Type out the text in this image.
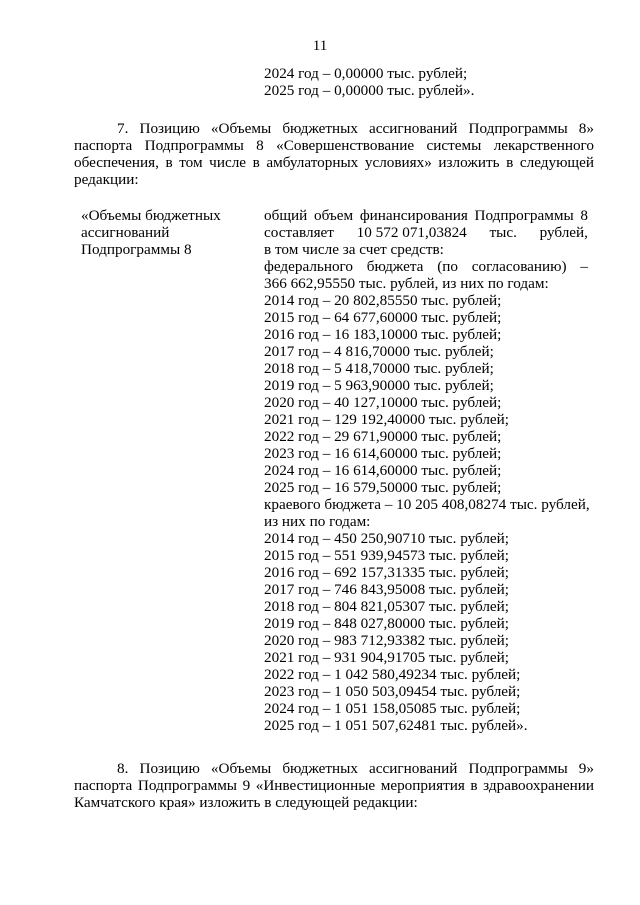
11
2024 год – 0,00000 тыс. рублей;
2025 год – 0,00000 тыс. рублей».
7. Позицию «Объемы бюджетных ассигнований Подпрограммы 8» паспорта Подпрограммы 8 «Совершенствование системы лекарственного обеспечения, в том числе в амбулаторных условиях» изложить в следующей редакции:
«Объемы бюджетных
ассигнований
Подпрограммы 8
общий объем финансирования Подпрограммы 8
составляет 10 572 071,03824 тыс. рублей,
в том числе за счет средств:
федерального бюджета (по согласованию) –
366 662,95550 тыс. рублей, из них по годам:
2014 год – 20 802,85550 тыс. рублей;
2015 год – 64 677,60000 тыс. рублей;
2016 год – 16 183,10000 тыс. рублей;
2017 год – 4 816,70000 тыс. рублей;
2018 год – 5 418,70000 тыс. рублей;
2019 год – 5 963,90000 тыс. рублей;
2020 год – 40 127,10000 тыс. рублей;
2021 год – 129 192,40000 тыс. рублей;
2022 год – 29 671,90000 тыс. рублей;
2023 год – 16 614,60000 тыс. рублей;
2024 год – 16 614,60000 тыс. рублей;
2025 год – 16 579,50000 тыс. рублей;
краевого бюджета – 10 205 408,08274 тыс. рублей,
из них по годам:
2014 год – 450 250,90710 тыс. рублей;
2015 год – 551 939,94573 тыс. рублей;
2016 год – 692 157,31335 тыс. рублей;
2017 год – 746 843,95008 тыс. рублей;
2018 год – 804 821,05307 тыс. рублей;
2019 год – 848 027,80000 тыс. рублей;
2020 год – 983 712,93382 тыс. рублей;
2021 год – 931 904,91705 тыс. рублей;
2022 год – 1 042 580,49234 тыс. рублей;
2023 год – 1 050 503,09454 тыс. рублей;
2024 год – 1 051 158,05085 тыс. рублей;
2025 год – 1 051 507,62481 тыс. рублей».
8. Позицию «Объемы бюджетных ассигнований Подпрограммы 9» паспорта Подпрограммы 9 «Инвестиционные мероприятия в здравоохранении Камчатского края» изложить в следующей редакции:
